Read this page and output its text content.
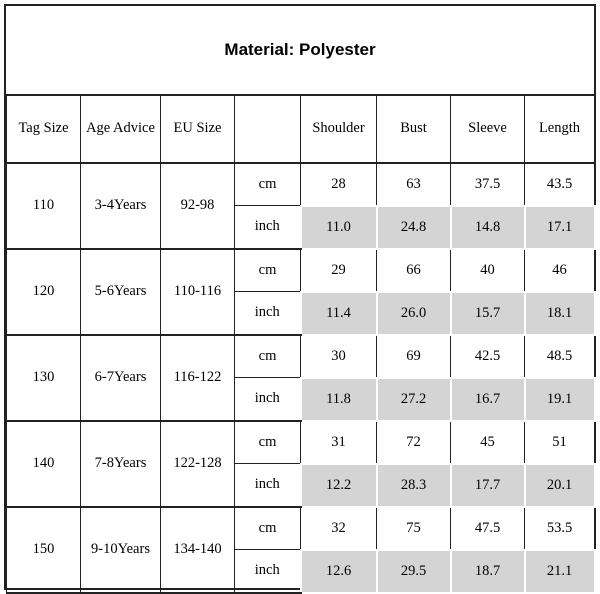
Material: Polyester
Tag Size	Age Advice	EU Size		Shoulder	Bust	Sleeve	Length
110	3-4Years	92-98	cm	28	63	37.5	43.5
			inch	11.0	24.8	14.8	17.1
120	5-6Years	110-116	cm	29	66	40	46
			inch	11.4	26.0	15.7	18.1
130	6-7Years	116-122	cm	30	69	42.5	48.5
			inch	11.8	27.2	16.7	19.1
140	7-8Years	122-128	cm	31	72	45	51
			inch	12.2	28.3	17.7	20.1
150	9-10Years	134-140	cm	32	75	47.5	53.5
			inch	12.6	29.5	18.7	21.1
